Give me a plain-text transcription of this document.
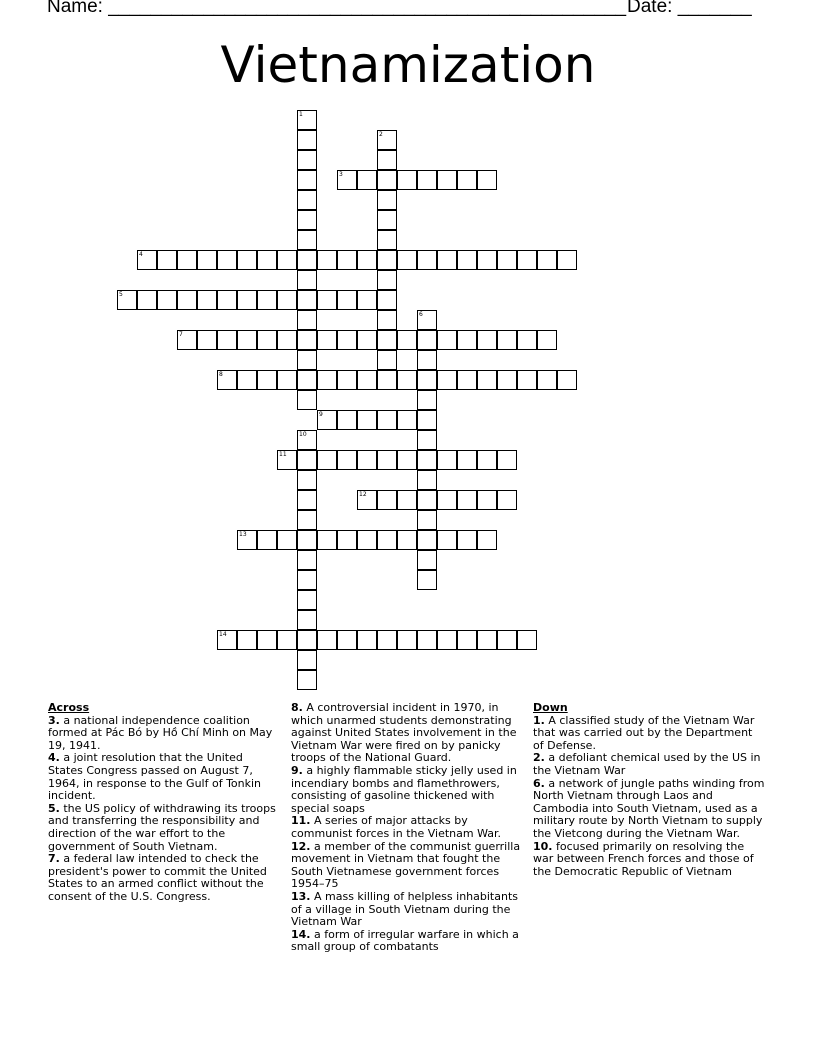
Name: _________________________________________________ Date: _______
Vietnamization
1
2
3
4
5
6
7
8
9
10
11
12
13
14
Across
3. a national independence coalition formed at Pác Bó by Hồ Chí Minh on May 19, 1941.
4. a joint resolution that the United States Congress passed on August 7, 1964, in response to the Gulf of Tonkin incident.
5. the US policy of withdrawing its troops and transferring the responsibility and direction of the war effort to the government of South Vietnam.
7. a federal law intended to check the president's power to commit the United States to an armed conflict without the consent of the U.S. Congress.
8. A controversial incident in 1970, in which unarmed students demonstrating against United States involvement in the Vietnam War were fired on by panicky troops of the National Guard.
9. a highly flammable sticky jelly used in incendiary bombs and flamethrowers, consisting of gasoline thickened with special soaps
11. A series of major attacks by communist forces in the Vietnam War.
12. a member of the communist guerrilla movement in Vietnam that fought the South Vietnamese government forces 1954–75
13. A mass killing of helpless inhabitants of a village in South Vietnam during the Vietnam War
14. a form of irregular warfare in which a small group of combatants
Down
1. A classified study of the Vietnam War that was carried out by the Department of Defense.
2. a defoliant chemical used by the US in the Vietnam War
6. a network of jungle paths winding from North Vietnam through Laos and Cambodia into South Vietnam, used as a military route by North Vietnam to supply the Vietcong during the Vietnam War.
10. focused primarily on resolving the war between French forces and those of the Democratic Republic of Vietnam
